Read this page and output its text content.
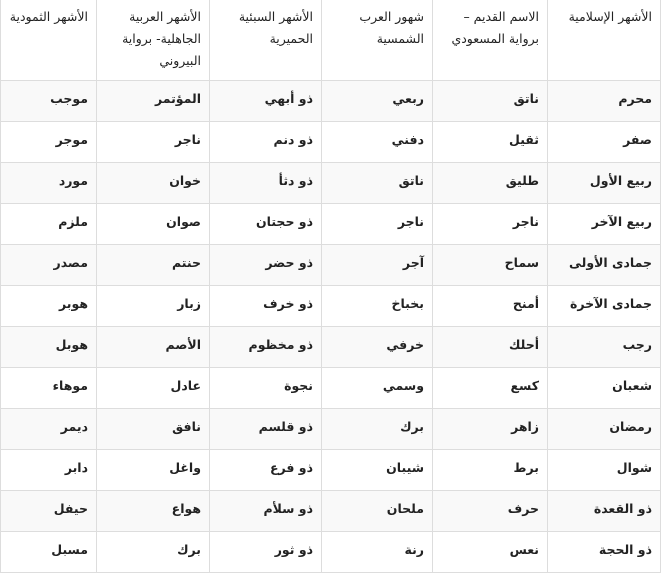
الأشهر الإسلامية	الاسم القديم – برواية المسعودي	شهور العرب الشمسية	الأشهر السبئية الحميرية	الأشهر العربية الجاهلية- برواية البيروني	الأشهر الثمودية
محرم	ناتق	ربعي	ذو أبهي	المؤتمر	موجب
صفر	ثقيل	دفني	ذو دنم	ناجر	موجر
ربيع الأول	طليق	ناتق	ذو دثأ	خوان	مورد
ربيع الآخر	ناجر	ناجر	ذو حجتان	صوان	ملزم
جمادى الأولى	سماح	آجر	ذو حضر	حنتم	مصدر
جمادى الآخرة	أمنح	بخباخ	ذو خرف	زبار	هوبر
رجب	أحلك	خرفي	ذو مخظوم	الأصم	هوبل
شعبان	كسع	وسمي	نجوة	عادل	موهاء
رمضان	زاهر	برك	ذو قلسم	نافق	ديمر
شوال	برط	شيبان	ذو فرع	واغل	دابر
ذو القعدة	حرف	ملحان	ذو سلأم	هواع	حيفل
ذو الحجة	نعس	رنة	ذو ثور	برك	مسبل
